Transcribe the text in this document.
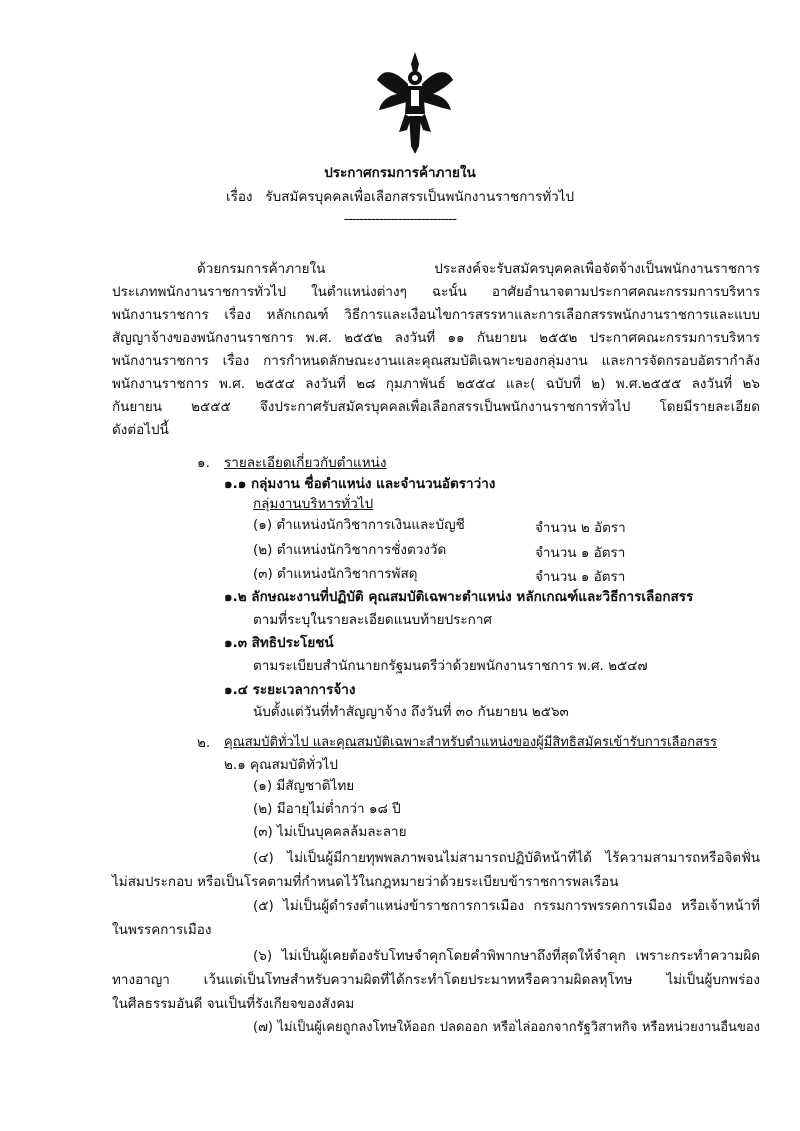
ประกาศกรมการค้าภายใน
เรื่อง รับสมัครบุคคลเพื่อเลือกสรรเป็นพนักงานราชการทั่วไป
-----------------------------
ด้วยกรมการค้าภายใน ประสงค์จะรับสมัครบุคคลเพื่อจัดจ้างเป็นพนักงานราชการ
ประเภทพนักงานราชการทั่วไป ในตำแหน่งต่างๆ ฉะนั้น อาศัยอำนาจตามประกาศคณะกรรมการบริหาร
พนักงานราชการ เรื่อง หลักเกณฑ์ วิธีการและเงื่อนไขการสรรหาและการเลือกสรรพนักงานราชการและแบบ
สัญญาจ้างของพนักงานราชการ พ.ศ. ๒๕๕๒ ลงวันที่ ๑๑ กันยายน ๒๕๕๒ ประกาศคณะกรรมการบริหาร
พนักงานราชการ เรื่อง การกำหนดลักษณะงานและคุณสมบัติเฉพาะของกลุ่มงาน และการจัดกรอบอัตรากำลัง
พนักงานราชการ พ.ศ. ๒๕๕๔ ลงวันที่ ๒๘ กุมภาพันธ์ ๒๕๕๔ และ( ฉบับที่ ๒) พ.ศ.๒๕๕๕ ลงวันที่ ๒๖
กันยายน ๒๕๕๕ จึงประกาศรับสมัครบุคคลเพื่อเลือกสรรเป็นพนักงานราชการทั่วไป โดยมีรายละเอียด
ดังต่อไปนี้
๑. รายละเอียดเกี่ยวกับตำแหน่ง
๑.๑ กลุ่มงาน ชื่อตำแหน่ง และจำนวนอัตราว่าง
กลุ่มงานบริหารทั่วไป
(๑) ตำแหน่งนักวิชาการเงินและบัญชี	จำนวน ๒ อัตรา
(๒) ตำแหน่งนักวิชาการชั่งตวงวัด	จำนวน ๑ อัตรา
(๓) ตำแหน่งนักวิชาการพัสดุ	จำนวน ๑ อัตรา
๑.๒ ลักษณะงานที่ปฏิบัติ คุณสมบัติเฉพาะตำแหน่ง หลักเกณฑ์และวิธีการเลือกสรร
ตามที่ระบุในรายละเอียดแนบท้ายประกาศ
๑.๓ สิทธิประโยชน์
ตามระเบียบสำนักนายกรัฐมนตรีว่าด้วยพนักงานราชการ พ.ศ. ๒๕๔๗
๑.๔ ระยะเวลาการจ้าง
นับตั้งแต่วันที่ทำสัญญาจ้าง ถึงวันที่ ๓๐ กันยายน ๒๕๖๓
๒. คุณสมบัติทั่วไป และคุณสมบัติเฉพาะสำหรับตำแหน่งของผู้มีสิทธิสมัครเข้ารับการเลือกสรร
๒.๑ คุณสมบัติทั่วไป
(๑) มีสัญชาติไทย
(๒) มีอายุไม่ต่ำกว่า ๑๘ ปี
(๓) ไม่เป็นบุคคลล้มละลาย
(๔) ไม่เป็นผู้มีกายทุพพลภาพจนไม่สามารถปฏิบัติหน้าที่ได้ ไร้ความสามารถหรือจิตฟั่น
ไม่สมประกอบ หรือเป็นโรคตามที่กำหนดไว้ในกฎหมายว่าด้วยระเบียบข้าราชการพลเรือน
(๕) ไม่เป็นผู้ดำรงตำแหน่งข้าราชการการเมือง กรรมการพรรคการเมือง หรือเจ้าหน้าที่
ในพรรคการเมือง
(๖) ไม่เป็นผู้เคยต้องรับโทษจำคุกโดยคำพิพากษาถึงที่สุดให้จำคุก เพราะกระทำความผิด
ทางอาญา เว้นแต่เป็นโทษสำหรับความผิดที่ได้กระทำโดยประมาทหรือความผิดลหุโทษ ไม่เป็นผู้บกพร่อง
ในศีลธรรมอันดี จนเป็นที่รังเกียจของสังคม
(๗) ไม่เป็นผู้เคยถูกลงโทษให้ออก ปลดออก หรือไล่ออกจากรัฐวิสาหกิจ หรือหน่วยงานอื่นของ
